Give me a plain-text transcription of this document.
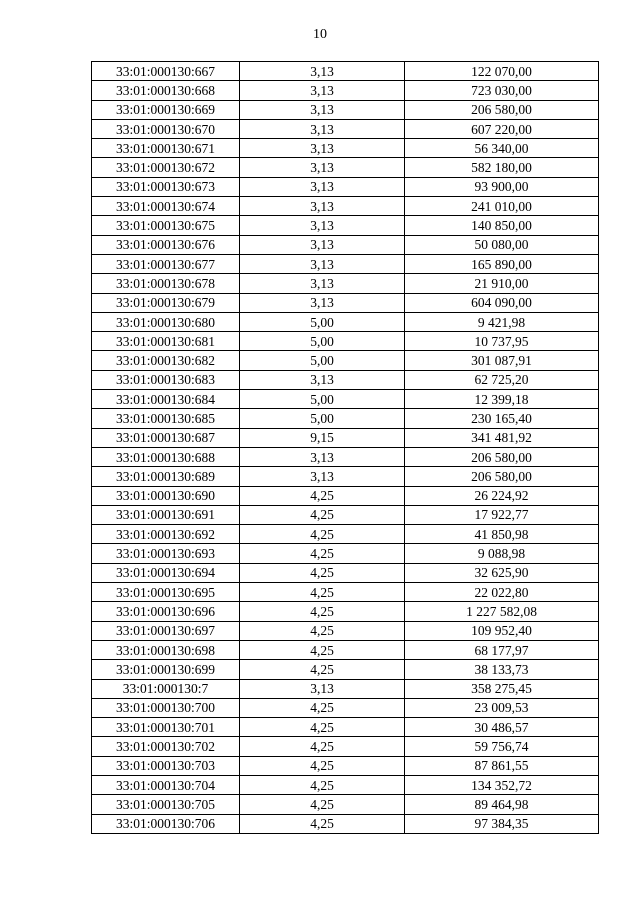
10
33:01:000130:667	3,13	122 070,00
33:01:000130:668	3,13	723 030,00
33:01:000130:669	3,13	206 580,00
33:01:000130:670	3,13	607 220,00
33:01:000130:671	3,13	56 340,00
33:01:000130:672	3,13	582 180,00
33:01:000130:673	3,13	93 900,00
33:01:000130:674	3,13	241 010,00
33:01:000130:675	3,13	140 850,00
33:01:000130:676	3,13	50 080,00
33:01:000130:677	3,13	165 890,00
33:01:000130:678	3,13	21 910,00
33:01:000130:679	3,13	604 090,00
33:01:000130:680	5,00	9 421,98
33:01:000130:681	5,00	10 737,95
33:01:000130:682	5,00	301 087,91
33:01:000130:683	3,13	62 725,20
33:01:000130:684	5,00	12 399,18
33:01:000130:685	5,00	230 165,40
33:01:000130:687	9,15	341 481,92
33:01:000130:688	3,13	206 580,00
33:01:000130:689	3,13	206 580,00
33:01:000130:690	4,25	26 224,92
33:01:000130:691	4,25	17 922,77
33:01:000130:692	4,25	41 850,98
33:01:000130:693	4,25	9 088,98
33:01:000130:694	4,25	32 625,90
33:01:000130:695	4,25	22 022,80
33:01:000130:696	4,25	1 227 582,08
33:01:000130:697	4,25	109 952,40
33:01:000130:698	4,25	68 177,97
33:01:000130:699	4,25	38 133,73
33:01:000130:7	3,13	358 275,45
33:01:000130:700	4,25	23 009,53
33:01:000130:701	4,25	30 486,57
33:01:000130:702	4,25	59 756,74
33:01:000130:703	4,25	87 861,55
33:01:000130:704	4,25	134 352,72
33:01:000130:705	4,25	89 464,98
33:01:000130:706	4,25	97 384,35
